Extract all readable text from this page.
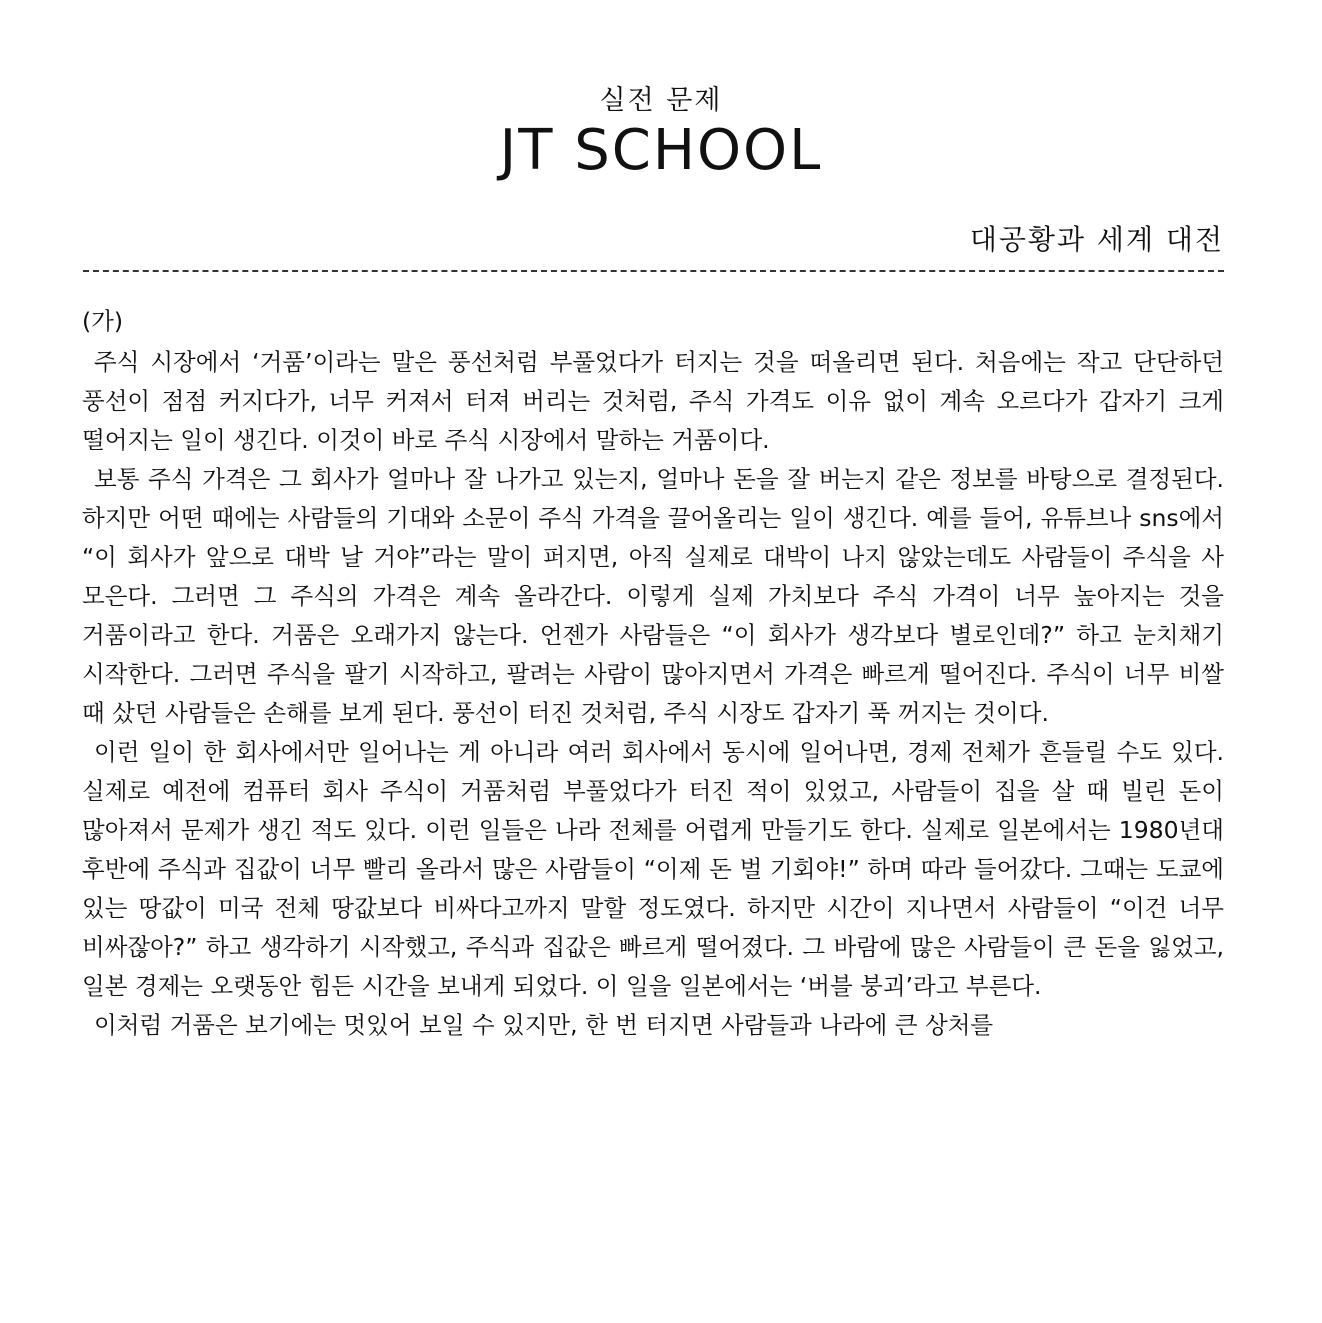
실전 문제
JT SCHOOL
대공황과 세계 대전
(가)

주식 시장에서 ‘거품’이라는 말은 풍선처럼 부풀었다가 터지는 것을 떠올리면 된다. 처음에는 작고 단단하던 풍선이 점점 커지다가, 너무 커져서 터져 버리는 것처럼, 주식 가격도 이유 없이 계속 오르다가 갑자기 크게 떨어지는 일이 생긴다. 이것이 바로 주식 시장에서 말하는 거품이다.

보통 주식 가격은 그 회사가 얼마나 잘 나가고 있는지, 얼마나 돈을 잘 버는지 같은 정보를 바탕으로 결정된다. 하지만 어떤 때에는 사람들의 기대와 소문이 주식 가격을 끌어올리는 일이 생긴다. 예를 들어, 유튜브나 sns에서 “이 회사가 앞으로 대박 날 거야”라는 말이 퍼지면, 아직 실제로 대박이 나지 않았는데도 사람들이 주식을 사 모은다. 그러면 그 주식의 가격은 계속 올라간다. 이렇게 실제 가치보다 주식 가격이 너무 높아지는 것을 거품이라고 한다. 거품은 오래가지 않는다. 언젠가 사람들은 “이 회사가 생각보다 별로인데?” 하고 눈치채기 시작한다. 그러면 주식을 팔기 시작하고, 팔려는 사람이 많아지면서 가격은 빠르게 떨어진다. 주식이 너무 비쌀 때 샀던 사람들은 손해를 보게 된다. 풍선이 터진 것처럼, 주식 시장도 갑자기 푹 꺼지는 것이다.

이런 일이 한 회사에서만 일어나는 게 아니라 여러 회사에서 동시에 일어나면, 경제 전체가 흔들릴 수도 있다. 실제로 예전에 컴퓨터 회사 주식이 거품처럼 부풀었다가 터진 적이 있었고, 사람들이 집을 살 때 빌린 돈이 많아져서 문제가 생긴 적도 있다. 이런 일들은 나라 전체를 어렵게 만들기도 한다. 실제로 일본에서는 1980년대 후반에 주식과 집값이 너무 빨리 올라서 많은 사람들이 “이제 돈 벌 기회야!” 하며 따라 들어갔다. 그때는 도쿄에 있는 땅값이 미국 전체 땅값보다 비싸다고까지 말할 정도였다. 하지만 시간이 지나면서 사람들이 “이건 너무 비싸잖아?” 하고 생각하기 시작했고, 주식과 집값은 빠르게 떨어졌다. 그 바람에 많은 사람들이 큰 돈을 잃었고, 일본 경제는 오랫동안 힘든 시간을 보내게 되었다. 이 일을 일본에서는 ‘버블 붕괴’라고 부른다.

이처럼 거품은 보기에는 멋있어 보일 수 있지만, 한 번 터지면 사람들과 나라에 큰 상처를
